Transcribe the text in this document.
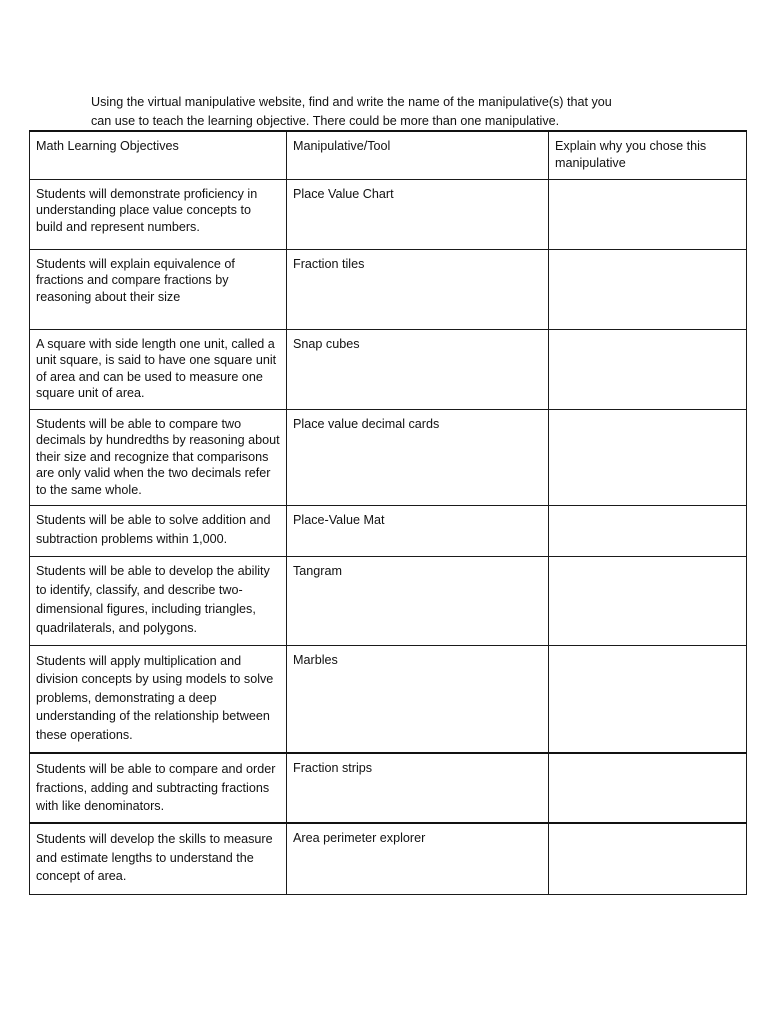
Using the virtual manipulative website, find and write the name of the manipulative(s) that you
can use to teach the learning objective. There could be more than one manipulative.

Math Learning Objectives	Manipulative/Tool	Explain why you chose this manipulative
Students will demonstrate proficiency in understanding place value concepts to build and represent numbers.	Place Value Chart	
Students will explain equivalence of fractions and compare fractions by reasoning about their size	Fraction tiles	
A square with side length one unit, called a unit square, is said to have one square unit of area and can be used to measure one square unit of area.	Snap cubes	
Students will be able to compare two decimals by hundredths by reasoning about their size and recognize that comparisons are only valid when the two decimals refer to the same whole.	Place value decimal cards	
Students will be able to solve addition and subtraction problems within 1,000.	Place-Value Mat	
Students will be able to develop the ability to identify, classify, and describe two-dimensional figures, including triangles, quadrilaterals, and polygons.	Tangram	
Students will apply multiplication and division concepts by using models to solve problems, demonstrating a deep understanding of the relationship between these operations.	Marbles	
Students will be able to compare and order fractions, adding and subtracting fractions with like denominators.	Fraction strips	
Students will develop the skills to measure and estimate lengths to understand the concept of area.	Area perimeter explorer	
